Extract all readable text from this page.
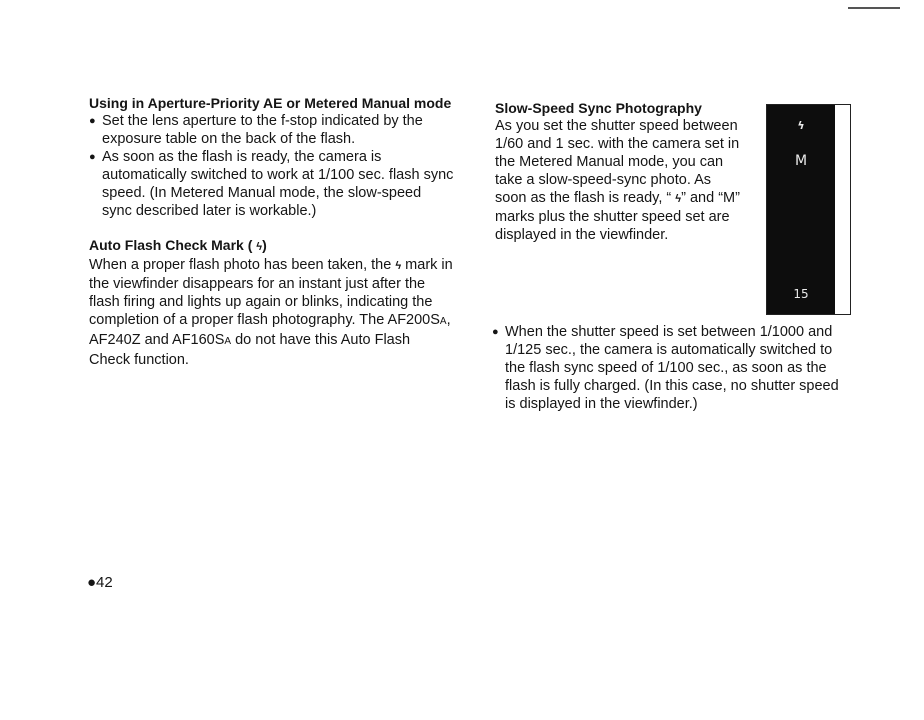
Using in Aperture-Priority AE or Metered Manual mode
● Set the lens aperture to the f-stop indicated by the exposure table on the back of the flash.
● As soon as the flash is ready, the camera is automatically switched to work at 1/100 sec. flash sync speed. (In Metered Manual mode, the slow-speed sync described later is workable.)
Auto Flash Check Mark ( ϟ)

When a proper flash photo has been taken, the ϟ mark in the viewfinder disappears for an instant just after the flash firing and lights up again or blinks, indicating the completion of a proper flash photography. The AF200SA, AF240Z and AF160SA do not have this Auto Flash Check function.

Slow-Speed Sync Photography

As you set the shutter speed between 1/60 and 1 sec. with the camera set in the Metered Manual mode, you can take a slow-speed-sync photo. As soon as the flash is ready, “ ϟ” and “M” marks plus the shutter speed set are displayed in the viewfinder.

ϟ
M
15
● When the shutter speed is set between 1/1000 and 1/125 sec., the camera is automatically switched to the flash sync speed of 1/100 sec., as soon as the flash is fully charged. (In this case, no shutter speed is displayed in the viewfinder.)
●42
